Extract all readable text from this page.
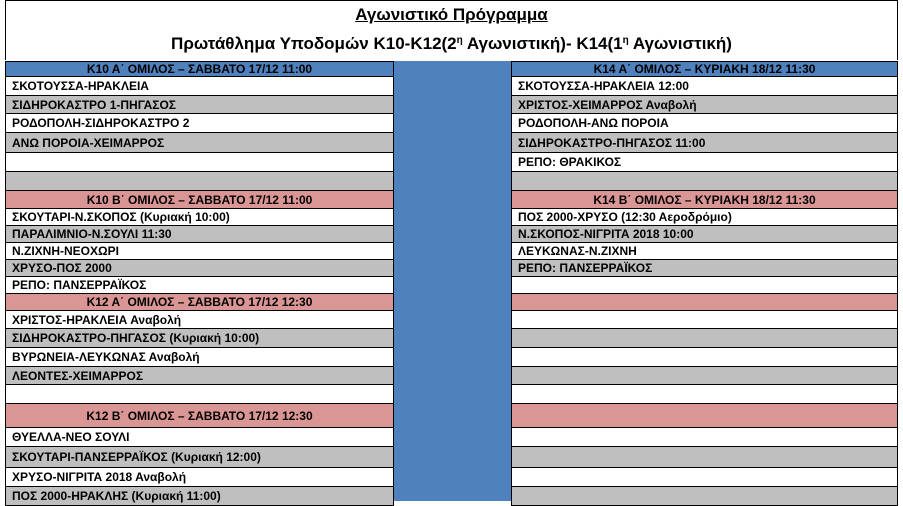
Αγωνιστικό Πρόγραμμα
Πρωτάθλημα Υποδομών $K10-K12(2^\eta$ Αγωνιστική)- $K14(1^\eta$ Αγωνιστική)
Κ10 Α΄ ΟΜΙΛΟΣ – ΣΑΒΒΑΤΟ 17/12 11:00
ΣΚΟΤΟΥΣΣΑ-ΗΡΑΚΛΕΙΑ
ΣΙΔΗΡΟΚΑΣΤΡΟ 1-ΠΗΓΑΣΟΣ
ΡΟΔΟΠΟΛΗ-ΣΙΔΗΡΟΚΑΣΤΡΟ 2
ΑΝΩ ΠΟΡΟΙΑ-ΧΕΙΜΑΡΡΟΣ
Κ10 Β΄ ΟΜΙΛΟΣ – ΣΑΒΒΑΤΟ 17/12 11:00
ΣΚΟΥΤΑΡΙ-Ν.ΣΚΟΠΟΣ (Κυριακή 10:00)
ΠΑΡΑΛΙΜΝΙΟ-Ν.ΣΟΥΛΙ 11:30
Ν.ΖΙΧΝΗ-ΝΕΟΧΩΡΙ
ΧΡΥΣΟ-ΠΟΣ 2000
ΡΕΠΟ: ΠΑΝΣΕΡΡΑΪΚΟΣ
Κ12 Α΄ ΟΜΙΛΟΣ – ΣΑΒΒΑΤΟ 17/12 12:30
ΧΡΙΣΤΟΣ-ΗΡΑΚΛΕΙΑ Αναβολή
ΣΙΔΗΡΟΚΑΣΤΡΟ-ΠΗΓΑΣΟΣ (Κυριακή 10:00)
ΒΥΡΩΝΕΙΑ-ΛΕΥΚΩΝΑΣ Αναβολή
ΛΕΟΝΤΕΣ-ΧΕΙΜΑΡΡΟΣ
Κ12 Β΄ ΟΜΙΛΟΣ – ΣΑΒΒΑΤΟ 17/12 12:30
ΘΥΕΛΛΑ-ΝΕΟ ΣΟΥΛΙ
ΣΚΟΥΤΑΡΙ-ΠΑΝΣΕΡΡΑΪΚΟΣ (Κυριακή 12:00)
ΧΡΥΣΟ-ΝΙΓΡΙΤΑ 2018 Αναβολή
ΠΟΣ 2000-ΗΡΑΚΛΗΣ (Κυριακή 11:00)
Κ14 Α΄ ΟΜΙΛΟΣ – ΚΥΡΙΑΚΗ 18/12 11:30
ΣΚΟΤΟΥΣΣΑ-ΗΡΑΚΛΕΙΑ 12:00
ΧΡΙΣΤΟΣ-ΧΕΙΜΑΡΡΟΣ Αναβολή
ΡΟΔΟΠΟΛΗ-ΑΝΩ ΠΟΡΟΙΑ
ΣΙΔΗΡΟΚΑΣΤΡΟ-ΠΗΓΑΣΟΣ 11:00
ΡΕΠΟ: ΘΡΑΚΙΚΟΣ
Κ14 Β΄ ΟΜΙΛΟΣ – ΚΥΡΙΑΚΗ 18/12 11:30
ΠΟΣ 2000-ΧΡΥΣΟ (12:30 Αεροδρόμιο)
Ν.ΣΚΟΠΟΣ-ΝΙΓΡΙΤΑ 2018 10:00
ΛΕΥΚΩΝΑΣ-Ν.ΖΙΧΝΗ
ΡΕΠΟ: ΠΑΝΣΕΡΡΑΪΚΟΣ
